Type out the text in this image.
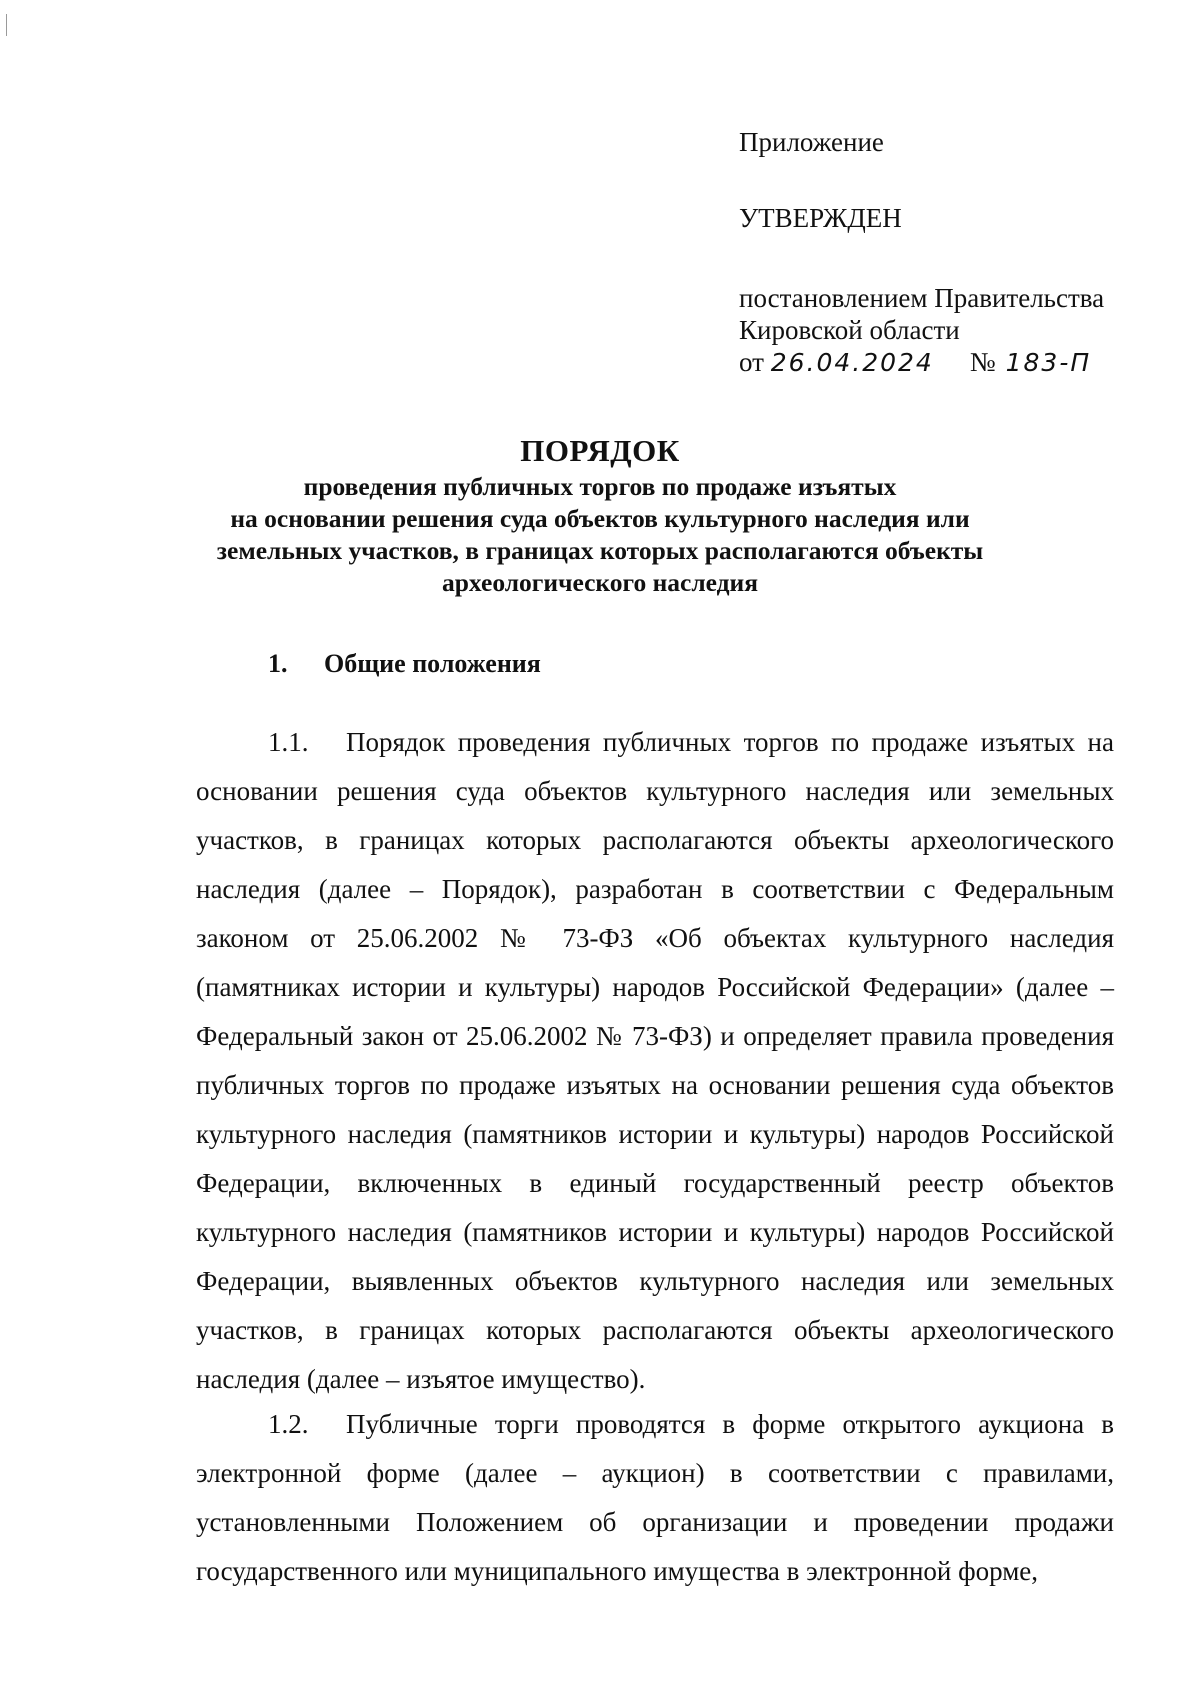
Приложение

УТВЕРЖДЕН

постановлением Правительства
Кировской области
от 26.04.2024 № 183-П

ПОРЯДОК

проведения публичных торгов по продаже изъятых
на основании решения суда объектов культурного наследия или
земельных участков, в границах которых располагаются объекты
археологического наследия

1. Общие положения

1.1. Порядок проведения публичных торгов по продаже изъятых на основании решения суда объектов культурного наследия или земельных участков, в границах которых располагаются объекты археологического наследия (далее – Порядок), разработан в соответствии с Федеральным законом от 25.06.2002 № 73-ФЗ «Об объектах культурного наследия (памятниках истории и культуры) народов Российской Федерации» (далее – Федеральный закон от 25.06.2002 № 73-ФЗ) и определяет правила проведения публичных торгов по продаже изъятых на основании решения суда объектов культурного наследия (памятников истории и культуры) народов Российской Федерации, включенных в единый государственный реестр объектов культурного наследия (памятников истории и культуры) народов Российской Федерации, выявленных объектов культурного наследия или земельных участков, в границах которых располагаются объекты археологического наследия (далее – изъятое имущество).

1.2. Публичные торги проводятся в форме открытого аукциона в электронной форме (далее – аукцион) в соответствии с правилами, установленными Положением об организации и проведении продажи государственного или муниципального имущества в электронной форме,
